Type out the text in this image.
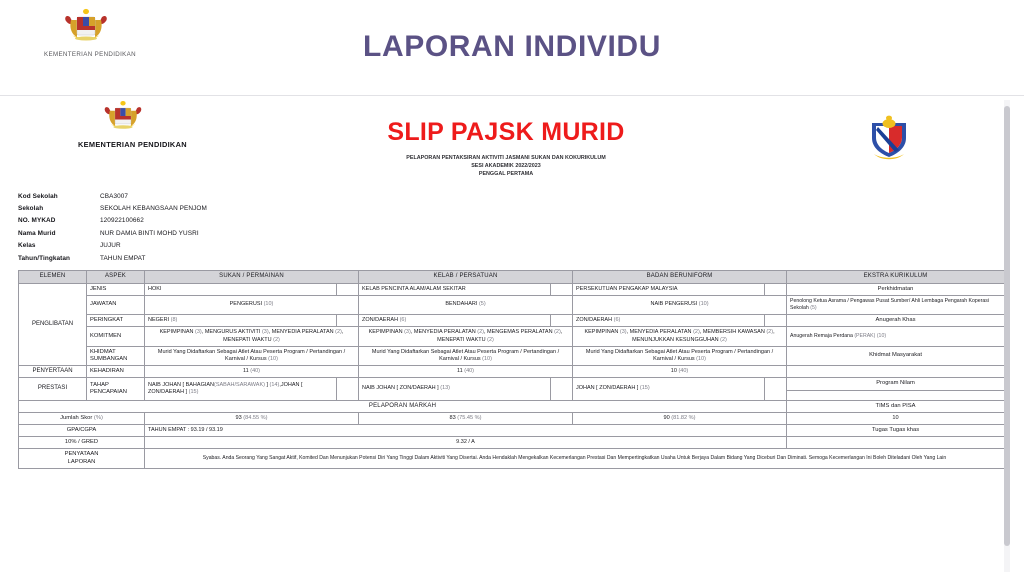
KEMENTERIAN PENDIDIKAN	LAPORAN INDIVIDU
KEMENTERIAN PENDIDIKAN	SLIP PAJSK MURID
PELAPORAN PENTAKSIRAN AKTIVITI JASMANI SUKAN DAN KOKURIKULUM
SESI AKADEMIK 2022/2023
PENGGAL PERTAMA
Kod Sekolah	CBA3007
Sekolah	SEKOLAH KEBANGSAAN PENJOM
NO. MYKAD	120922100662
Nama Murid	NUR DAMIA BINTI MOHD YUSRI
Kelas	JUJUR
Tahun/Tingkatan	TAHUN EMPAT
ELEMEN	ASPEK	SUKAN / PERMAINAN		KELAB / PERSATUAN		BADAN BERUNIFORM		EKSTRA KURIKULUM
PENGLIBATAN	JENIS	HOKI		KELAB PENCINTA ALAM/ALAM SEKITAR		PERSEKUTUAN PENGAKAP MALAYSIA		Perkhidmatan
	JAWATAN	PENGERUSI (10)		BENDAHARI (5)		NAIB PENGERUSI (10)		Penolong Ketua Asrama / Pengawas Pusat Sumber/ Ahli Lembaga Pengarah Koperasi Sekolah (5)
	PERINGKAT	NEGERI (8)		ZON/DAERAH (6)		ZON/DAERAH (6)		Anugerah Khas
	KOMITMEN	KEPIMPINAN (3), MENGURUS AKTIVITI (3), MENYEDIA PERALATAN (2), MENEPATI WAKTU (2)		KEPIMPINAN (3), MENYEDIA PERALATAN (2), MENGEMAS PERALATAN (2), MENEPATI WAKTU (2)		KEPIMPINAN (3), MENYEDIA PERALATAN (2), MEMBERSIH KAWASAN (2), MENUNJUKKAN KESUNGGUHAN (2)		Anugerah Remaja Perdana (PERAK) (10)
	KHIDMAT SUMBANGAN	Murid Yang Didaftarkan Sebagai Atlet Atau Peserta Program / Pertandingan / Karnival / Kursus (10)		Murid Yang Didaftarkan Sebagai Atlet Atau Peserta Program / Pertandingan / Karnival / Kursus (10)		Murid Yang Didaftarkan Sebagai Atlet Atau Peserta Program / Pertandingan / Karnival / Kursus (10)		Khidmat Masyarakat
PENYERTAAN	KEHADIRAN	11 (40)		11 (40)		10 (40)		
PRESTASI	TAHAP PENCAPAIAN	NAIB JOHAN [ BAHAGIAN(SABAH/SARAWAK) ] (14),JOHAN [ ZON/DAERAH ] (15)		NAIB JOHAN [ ZON/DAERAH ] (13)		JOHAN [ ZON/DAERAH ] (15)		Program Nilam

PELAPORAN MARKAH								TIMS dan PISA
Jumlah Skor (%)		93 (84.55 %)		83 (75.45 %)		90 (81.82 %)		10
GPA/CGPA		TAHUN EMPAT : 93.19 / 93.19						Tugas Tugas khas
10% / GRED		9.32 / A						

PENYATAAN
LAPORAN		Syabas. Anda Seorang Yang Sangat Aktif, Komited Dan Menunjukan Potensi Diri Yang Tinggi Dalam Aktiviti Yang Disertai. Anda Hendaklah Mengekalkan Kecemerlangan Prestasi Dan Mempertingkatkan Usaha Untuk Berjaya Dalam Bidang Yang Diceburi Dan Diminati. Semoga Kecemerlangan Ini Boleh Diteladani Oleh Yang Lain						
